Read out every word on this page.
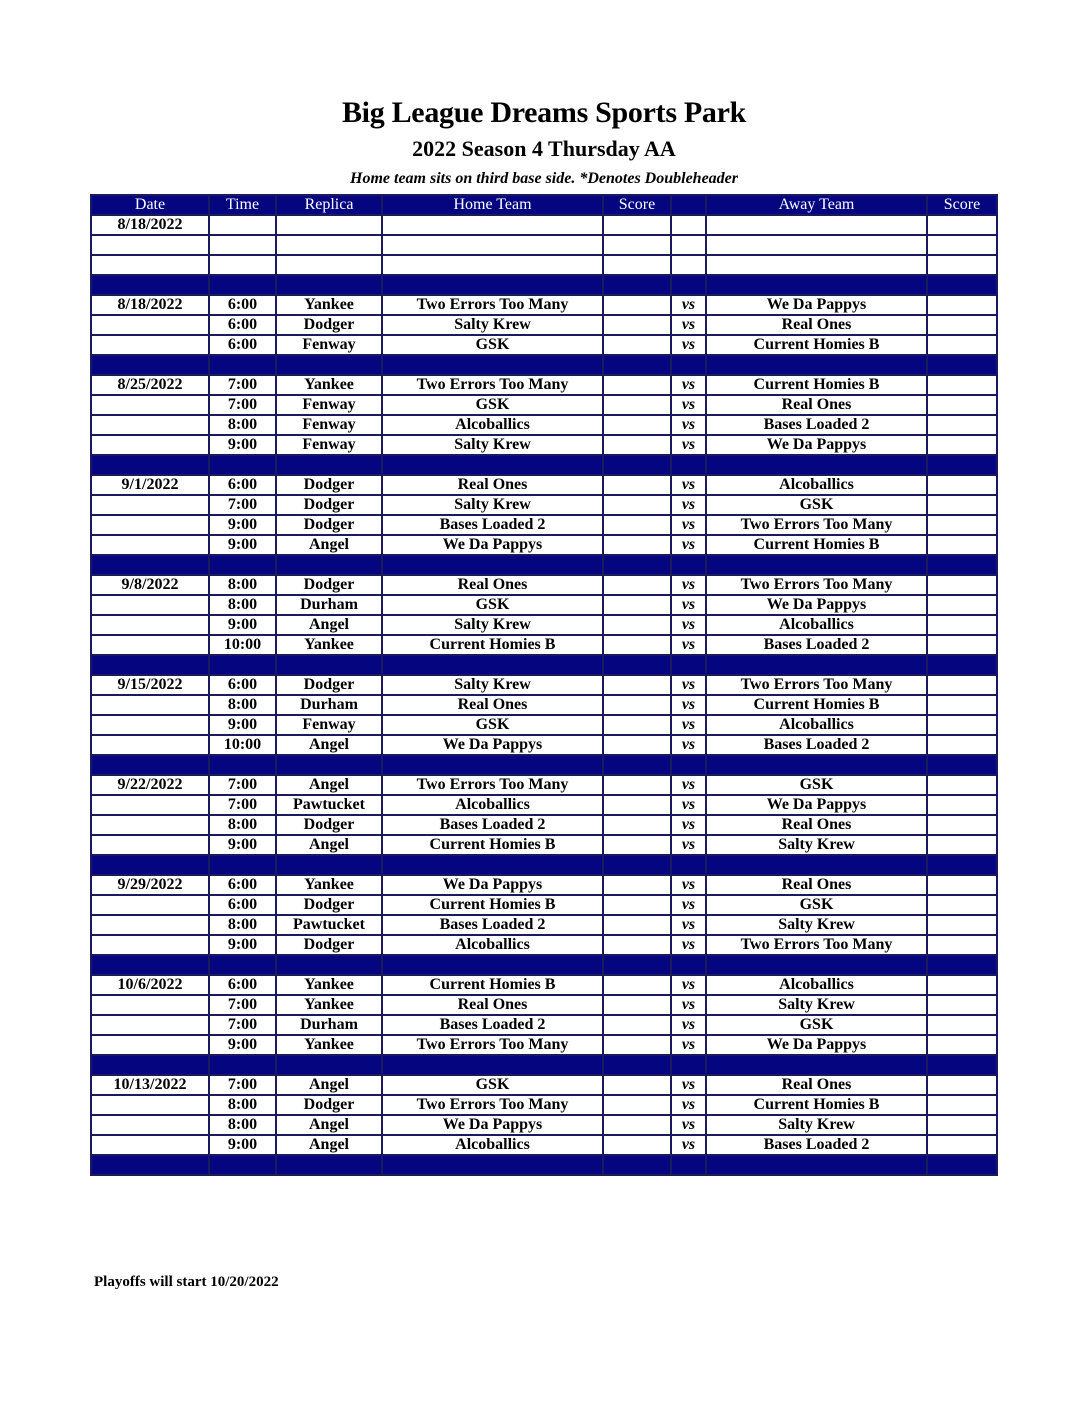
Big League Dreams Sports Park
2022 Season 4 Thursday AA
Home team sits on third base side. *Denotes Doubleheader
Date	Time	Replica	Home Team	Score		Away Team	Score
8/18/2022							

8/18/2022	6:00	Yankee	Two Errors Too Many		vs	We Da Pappys	
	6:00	Dodger	Salty Krew		vs	Real Ones	
	6:00	Fenway	GSK		vs	Current Homies B	

8/25/2022	7:00	Yankee	Two Errors Too Many		vs	Current Homies B	
	7:00	Fenway	GSK		vs	Real Ones	
	8:00	Fenway	Alcoballics		vs	Bases Loaded 2	
	9:00	Fenway	Salty Krew		vs	We Da Pappys	

9/1/2022	6:00	Dodger	Real Ones		vs	Alcoballics	
	7:00	Dodger	Salty Krew		vs	GSK	
	9:00	Dodger	Bases Loaded 2		vs	Two Errors Too Many	
	9:00	Angel	We Da Pappys		vs	Current Homies B	

9/8/2022	8:00	Dodger	Real Ones		vs	Two Errors Too Many	
	8:00	Durham	GSK		vs	We Da Pappys	
	9:00	Angel	Salty Krew		vs	Alcoballics	
	10:00	Yankee	Current Homies B		vs	Bases Loaded 2	

9/15/2022	6:00	Dodger	Salty Krew		vs	Two Errors Too Many	
	8:00	Durham	Real Ones		vs	Current Homies B	
	9:00	Fenway	GSK		vs	Alcoballics	
	10:00	Angel	We Da Pappys		vs	Bases Loaded 2	

9/22/2022	7:00	Angel	Two Errors Too Many		vs	GSK	
	7:00	Pawtucket	Alcoballics		vs	We Da Pappys	
	8:00	Dodger	Bases Loaded 2		vs	Real Ones	
	9:00	Angel	Current Homies B		vs	Salty Krew	

9/29/2022	6:00	Yankee	We Da Pappys		vs	Real Ones	
	6:00	Dodger	Current Homies B		vs	GSK	
	8:00	Pawtucket	Bases Loaded 2		vs	Salty Krew	
	9:00	Dodger	Alcoballics		vs	Two Errors Too Many	

10/6/2022	6:00	Yankee	Current Homies B		vs	Alcoballics	
	7:00	Yankee	Real Ones		vs	Salty Krew	
	7:00	Durham	Bases Loaded 2		vs	GSK	
	9:00	Yankee	Two Errors Too Many		vs	We Da Pappys	

10/13/2022	7:00	Angel	GSK		vs	Real Ones	
	8:00	Dodger	Two Errors Too Many		vs	Current Homies B	
	8:00	Angel	We Da Pappys		vs	Salty Krew	
	9:00	Angel	Alcoballics		vs	Bases Loaded 2	

Playoffs will start 10/20/2022
